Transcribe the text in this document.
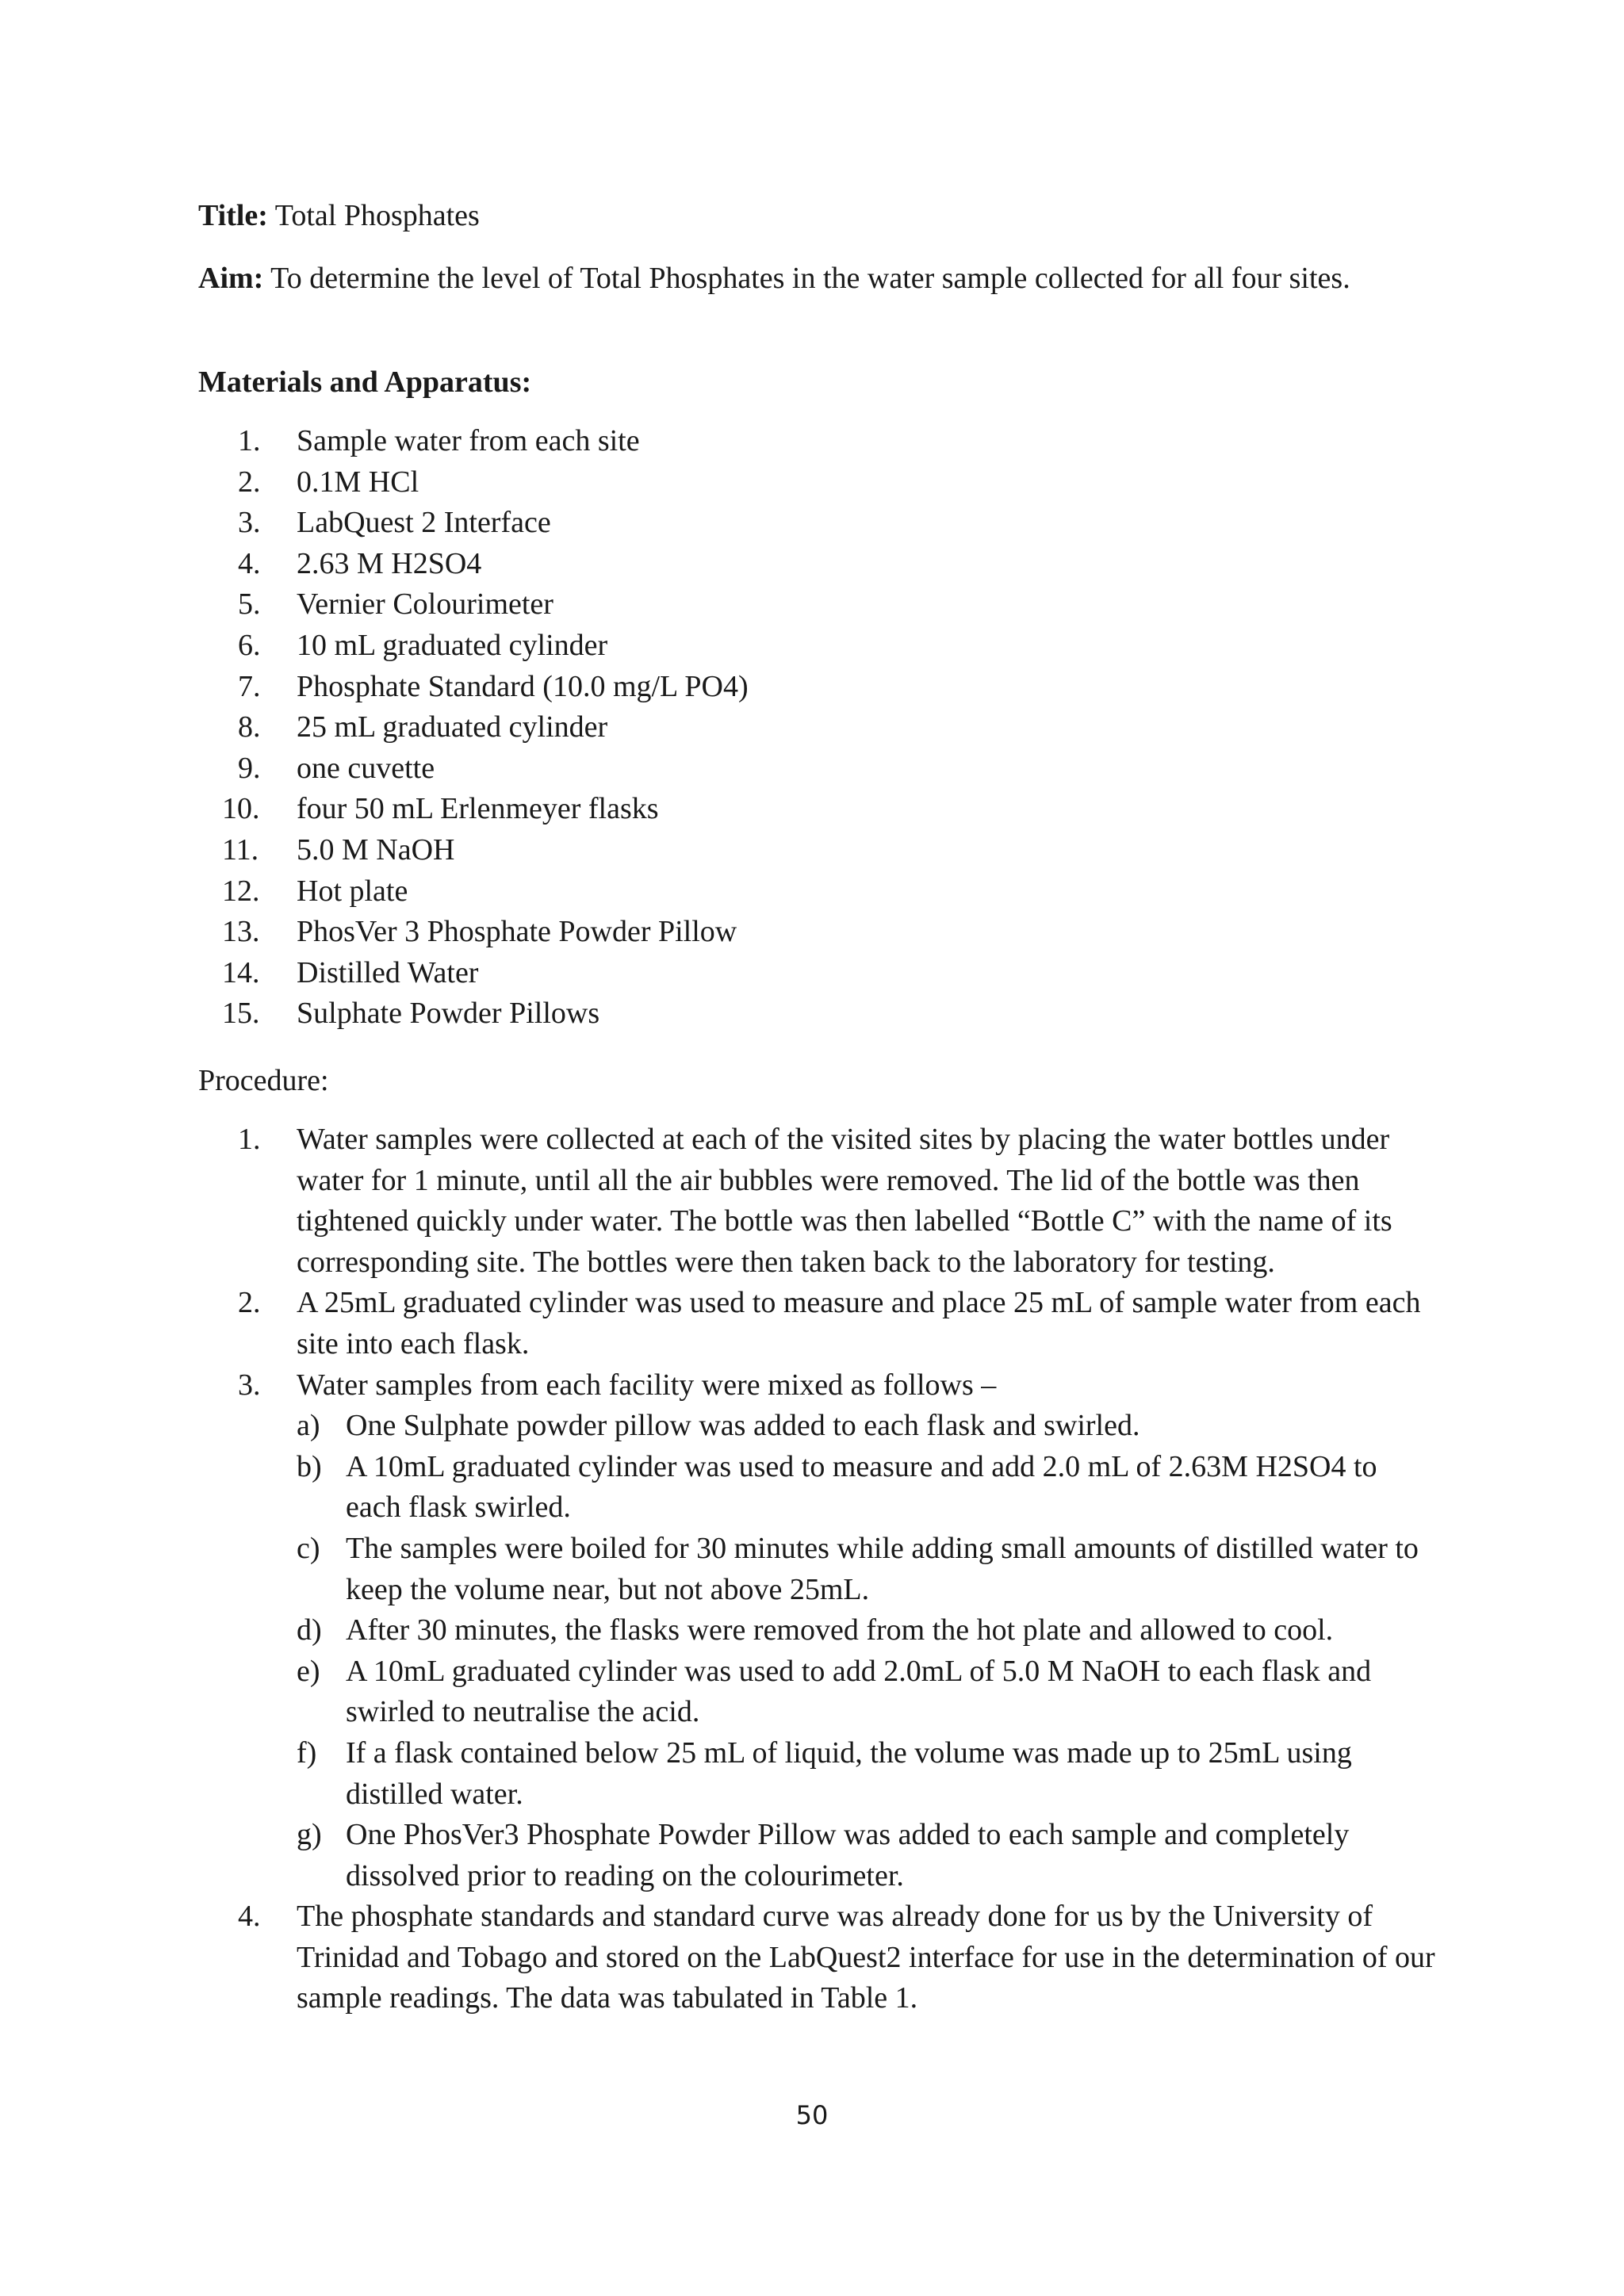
Title: Total Phosphates

Aim: To determine the level of Total Phosphates in the water sample collected for all four sites.

Materials and Apparatus:

1.	Sample water from each site
2.	0.1M HCl
3.	LabQuest 2 Interface
4.	2.63 M H2SO4
5.	Vernier Colourimeter
6.	10 mL graduated cylinder
7.	Phosphate Standard (10.0 mg/L PO4)
8.	25 mL graduated cylinder
9.	one cuvette
10.	four 50 mL Erlenmeyer flasks
11.	5.0 M NaOH
12.	Hot plate
13.	PhosVer 3 Phosphate Powder Pillow
14.	Distilled Water
15.	Sulphate Powder Pillows

Procedure:

1. Water samples were collected at each of the visited sites by placing the water bottles under water for 1 minute, until all the air bubbles were removed. The lid of the bottle was then tightened quickly under water. The bottle was then labelled “Bottle C” with the name of its corresponding site. The bottles were then taken back to the laboratory for testing.
2. A 25mL graduated cylinder was used to measure and place 25 mL of sample water from each site into each flask.
3. Water samples from each facility were mixed as follows –
a) One Sulphate powder pillow was added to each flask and swirled.
b) A 10mL graduated cylinder was used to measure and add 2.0 mL of 2.63M H2SO4 to each flask swirled.
c) The samples were boiled for 30 minutes while adding small amounts of distilled water to keep the volume near, but not above 25mL.
d) After 30 minutes, the flasks were removed from the hot plate and allowed to cool.
e) A 10mL graduated cylinder was used to add 2.0mL of 5.0 M NaOH to each flask and swirled to neutralise the acid.
f) If a flask contained below 25 mL of liquid, the volume was made up to 25mL using distilled water.
g) One PhosVer3 Phosphate Powder Pillow was added to each sample and completely dissolved prior to reading on the colourimeter.
4. The phosphate standards and standard curve was already done for us by the University of Trinidad and Tobago and stored on the LabQuest2 interface for use in the determination of our sample readings. The data was tabulated in Table 1.
50
